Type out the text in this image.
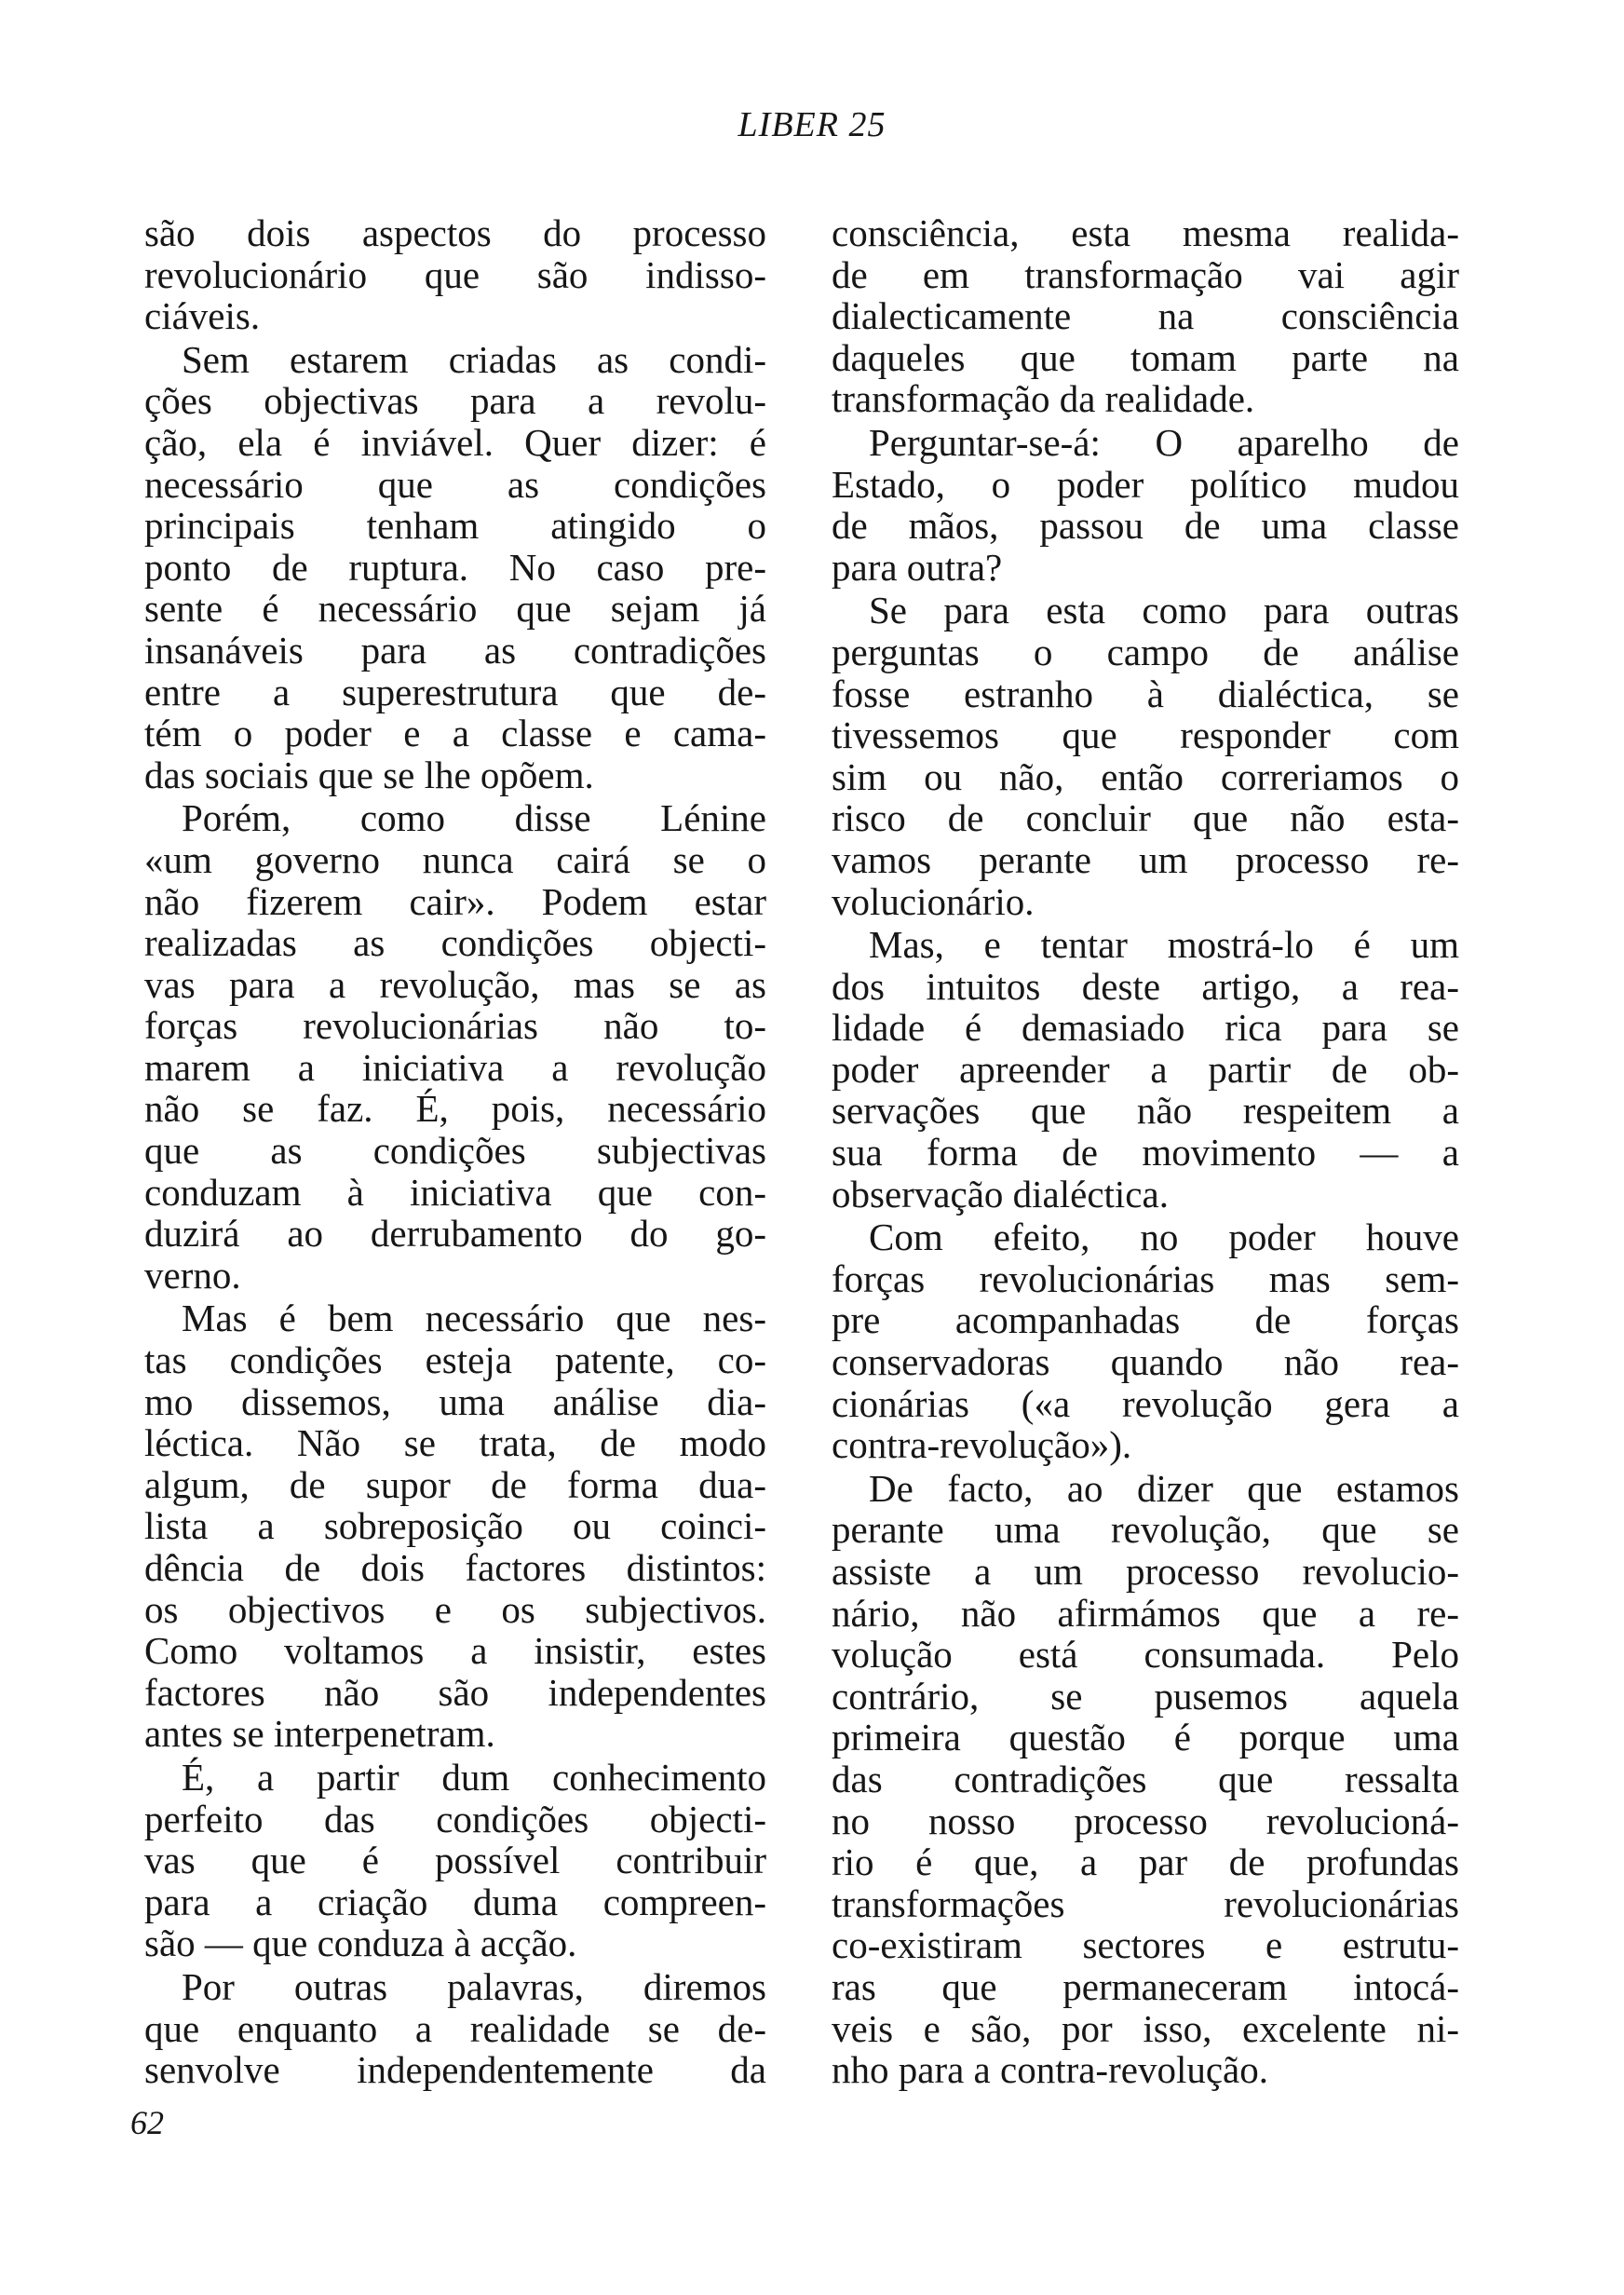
LIBER 25
são dois aspectos do processo
revolucionário que são indisso-
ciáveis.
Sem estarem criadas as condi-
ções objectivas para a revolu-
ção, ela é inviável. Quer dizer: é
necessário que as condições
principais tenham atingido o
ponto de ruptura. No caso pre-
sente é necessário que sejam já
insanáveis para as contradições
entre a superestrutura que de-
tém o poder e a classe e cama-
das sociais que se lhe opõem.
Porém, como disse Lénine
«um governo nunca cairá se o
não fizerem cair». Podem estar
realizadas as condições objecti-
vas para a revolução, mas se as
forças revolucionárias não to-
marem a iniciativa a revolução
não se faz. É, pois, necessário
que as condições subjectivas
conduzam à iniciativa que con-
duzirá ao derrubamento do go-
verno.
Mas é bem necessário que nes-
tas condições esteja patente, co-
mo dissemos, uma análise dia-
léctica. Não se trata, de modo
algum, de supor de forma dua-
lista a sobreposição ou coinci-
dência de dois factores distintos:
os objectivos e os subjectivos.
Como voltamos a insistir, estes
factores não são independentes
antes se interpenetram.
É, a partir dum conhecimento
perfeito das condições objecti-
vas que é possível contribuir
para a criação duma compreen-
são — que conduza à acção.
Por outras palavras, diremos
que enquanto a realidade se de-
senvolve independentemente da
consciência, esta mesma realida-
de em transformação vai agir
dialecticamente na consciência
daqueles que tomam parte na
transformação da realidade.
Perguntar-se-á: O aparelho de
Estado, o poder político mudou
de mãos, passou de uma classe
para outra?
Se para esta como para outras
perguntas o campo de análise
fosse estranho à dialéctica, se
tivessemos que responder com
sim ou não, então correriamos o
risco de concluir que não esta-
vamos perante um processo re-
volucionário.
Mas, e tentar mostrá-lo é um
dos intuitos deste artigo, a rea-
lidade é demasiado rica para se
poder apreender a partir de ob-
servações que não respeitem a
sua forma de movimento — a
observação dialéctica.
Com efeito, no poder houve
forças revolucionárias mas sem-
pre acompanhadas de forças
conservadoras quando não rea-
cionárias («a revolução gera a
contra-revolução»).
De facto, ao dizer que estamos
perante uma revolução, que se
assiste a um processo revolucio-
nário, não afirmámos que a re-
volução está consumada. Pelo
contrário, se pusemos aquela
primeira questão é porque uma
das contradições que ressalta
no nosso processo revolucioná-
rio é que, a par de profundas
transformações revolucionárias
co-existiram sectores e estrutu-
ras que permaneceram intocá-
veis e são, por isso, excelente ni-
nho para a contra-revolução.
62
